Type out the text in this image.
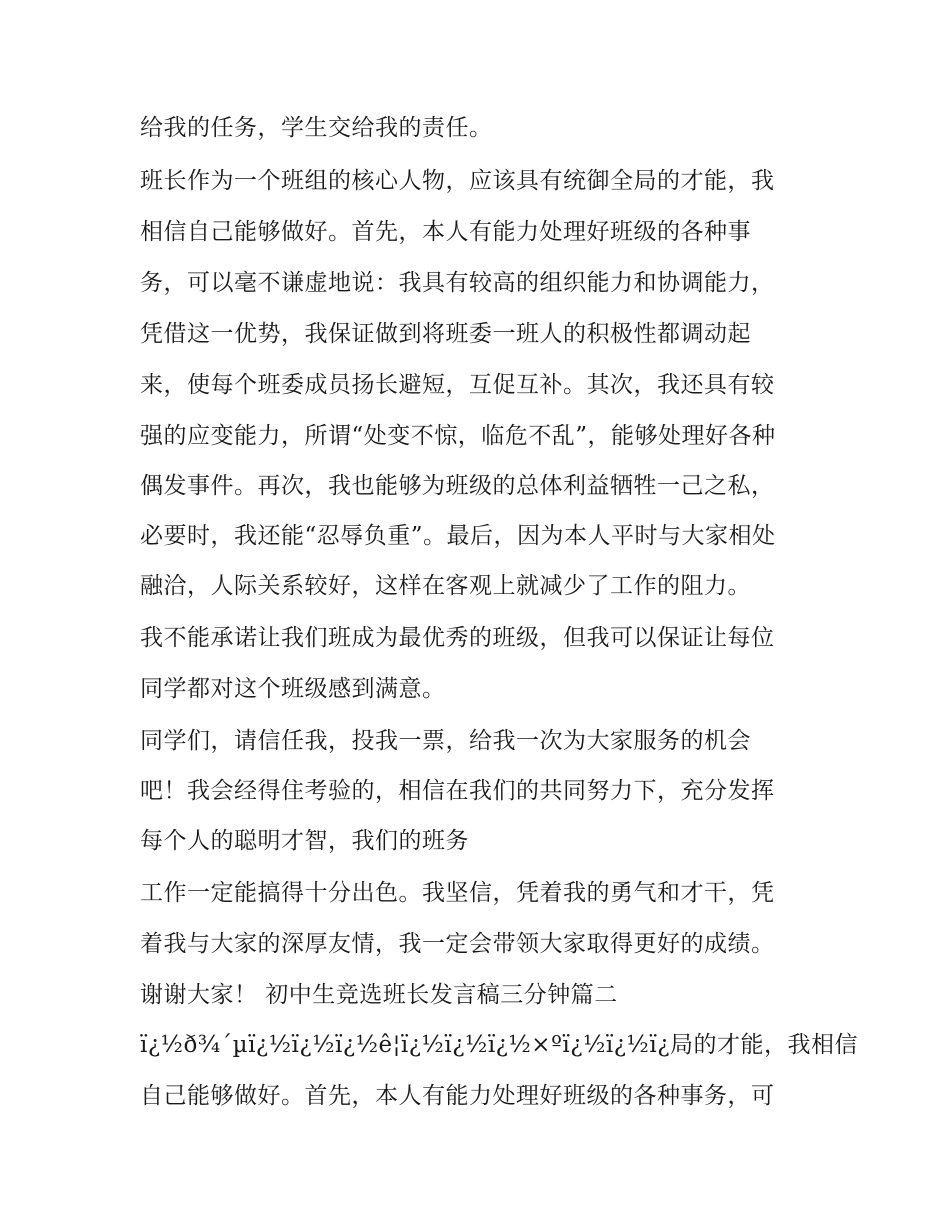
给我的任务，学生交给我的责任。
班长作为一个班组的核心人物，应该具有统御全局的才能，我
相信自己能够做好。首先，本人有能力处理好班级的各种事
务，可以毫不谦虚地说：我具有较高的组织能力和协调能力，
凭借这一优势，我保证做到将班委一班人的积极性都调动起
来，使每个班委成员扬长避短，互促互补。其次，我还具有较
强的应变能力，所谓“处变不惊，临危不乱”，能够处理好各种
偶发事件。再次，我也能够为班级的总体利益牺牲一己之私，
必要时，我还能“忍辱负重”。最后，因为本人平时与大家相处
融洽，人际关系较好，这样在客观上就减少了工作的阻力。
我不能承诺让我们班成为最优秀的班级，但我可以保证让每位
同学都对这个班级感到满意。
同学们，请信任我，投我一票，给我一次为大家服务的机会
吧！我会经得住考验的，相信在我们的共同努力下，充分发挥
每个人的聪明才智，我们的班务
工作一定能搞得十分出色。我坚信，凭着我的勇气和才干，凭
着我与大家的深厚友情，我一定会带领大家取得更好的成绩。
谢谢大家！ 初中生竞选班长发言稿三分钟篇二
ï¿½ð¾´µï¿½ï¿½ï¿½ê¦ï¿½ï¿½ï¿½×ºï¿½ï¿½ï¿局的才能，我相信
自己能够做好。首先，本人有能力处理好班级的各种事务，可
